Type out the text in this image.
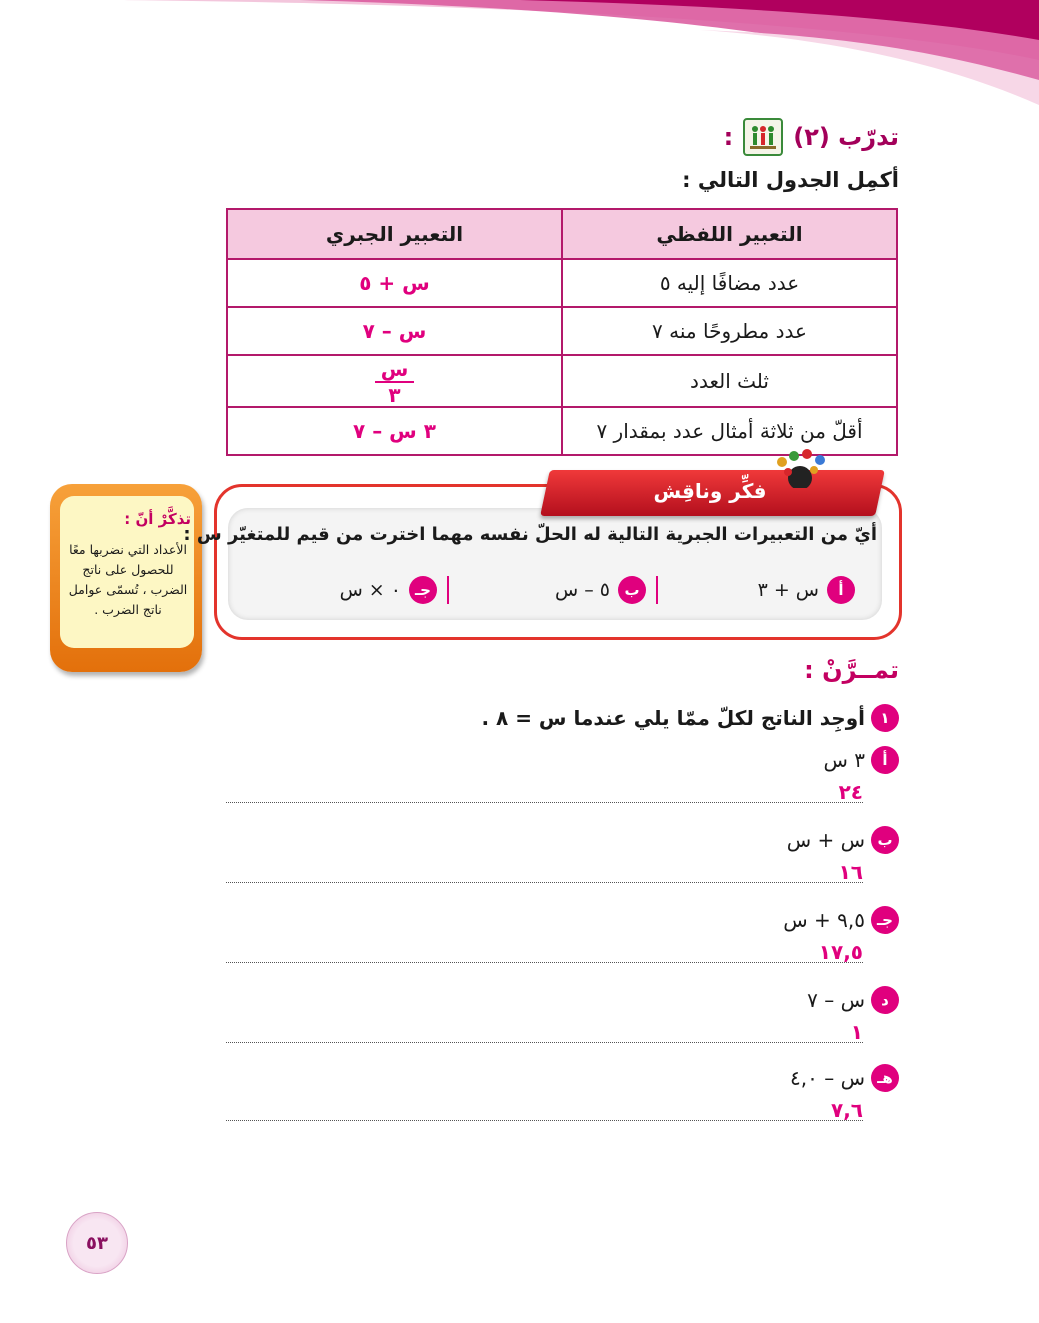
تدرّب (٢)
:
أكمِل الجدول التالي :
التعبير اللفظي	التعبير الجبري
عدد مضافًا إليه ٥	س + ٥
عدد مطروحًا منه ٧	س – ٧
ثلث العدد	$\frac{\text{س}}{٣}$

أقلّ من ثلاثة أمثال عدد بمقدار ٧	٣ س – ٧
تذكَّرْ أنّ :
الأعداد التي نضربها معًا للحصول على ناتج الضرب ، تُسمّى عوامل ناتج الضرب .
فكِّر وناقِش
أيّ من التعبيرات الجبرية التالية له الحلّ نفسه مهما اخترت من قيم للمتغيّر س :
أ
س + ٣
ب
٥ – س
جـ
٠ × س
تمــرَّنْ :
١
أوجِد الناتج لكلّ ممّا يلي عندما س = ٨ .
أ
٣ س
٢٤
ب
س + س
١٦
جـ
٩,٥ + س
١٧,٥
د
س – ٧
١
هـ
س – ٤,٠
٧,٦
٥٣
